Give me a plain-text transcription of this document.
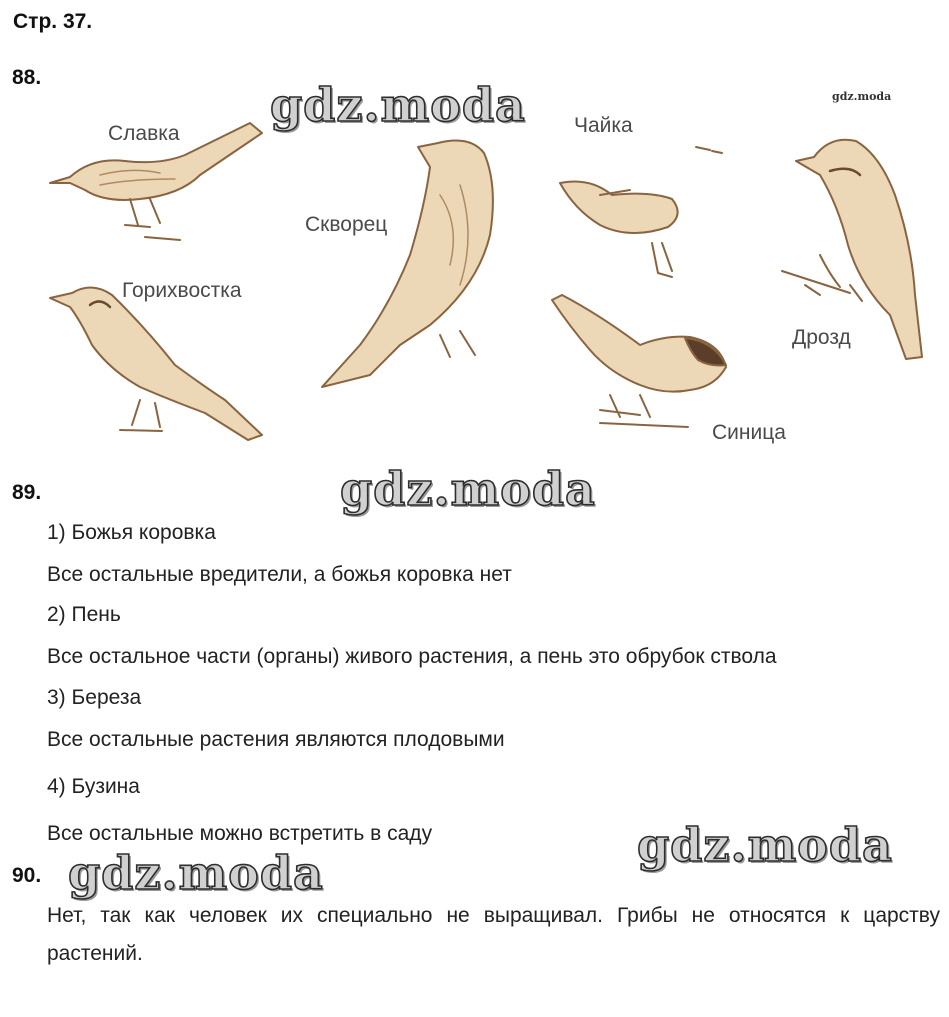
Стр. 37.
88.
gdz.moda	gdz.moda
Славка
Скворец
Чайка
Дрозд
Горихвостка
Синица
89.	gdz.moda
1) Божья коровка
Все остальные вредители, а божья коровка нет
2) Пень
Все остальное части (органы) живого растения, а пень это обрубок ствола
3) Береза
Все остальные растения являются плодовыми
4) Бузина
Все остальные можно встретить в саду	gdz.moda
90. gdz.moda
Нет, так как человек их специально не выращивал. Грибы не относятся к царству растений.
